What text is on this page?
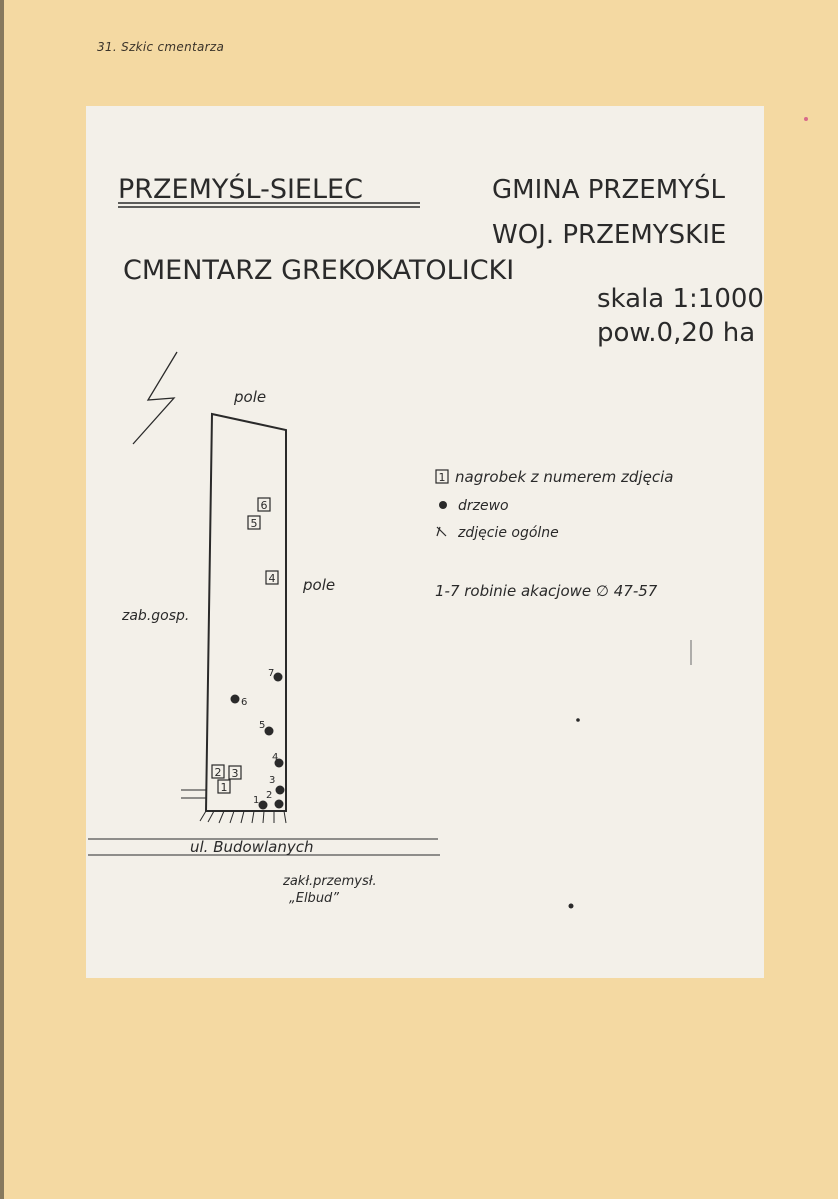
31. Szkic cmentarza
PRZEMYŚL-SIELEC	GMINA PRZEMYŚL
WOJ. PRZEMYSKIE
CMENTARZ GREKOKATOLICKI
skala 1:1000
pow.0,20 ha
ul. Budowlanych
pole
pole
zab.gosp.
zakł.przemysł.
„Elbud”
6
5
4
2 3
1
7
6
5
4
3
2
1
1 nagrobek z numerem zdjęcia
drzewo
zdjęcie ogólne
1-7 robinie akacjowe ∅ 47-57
